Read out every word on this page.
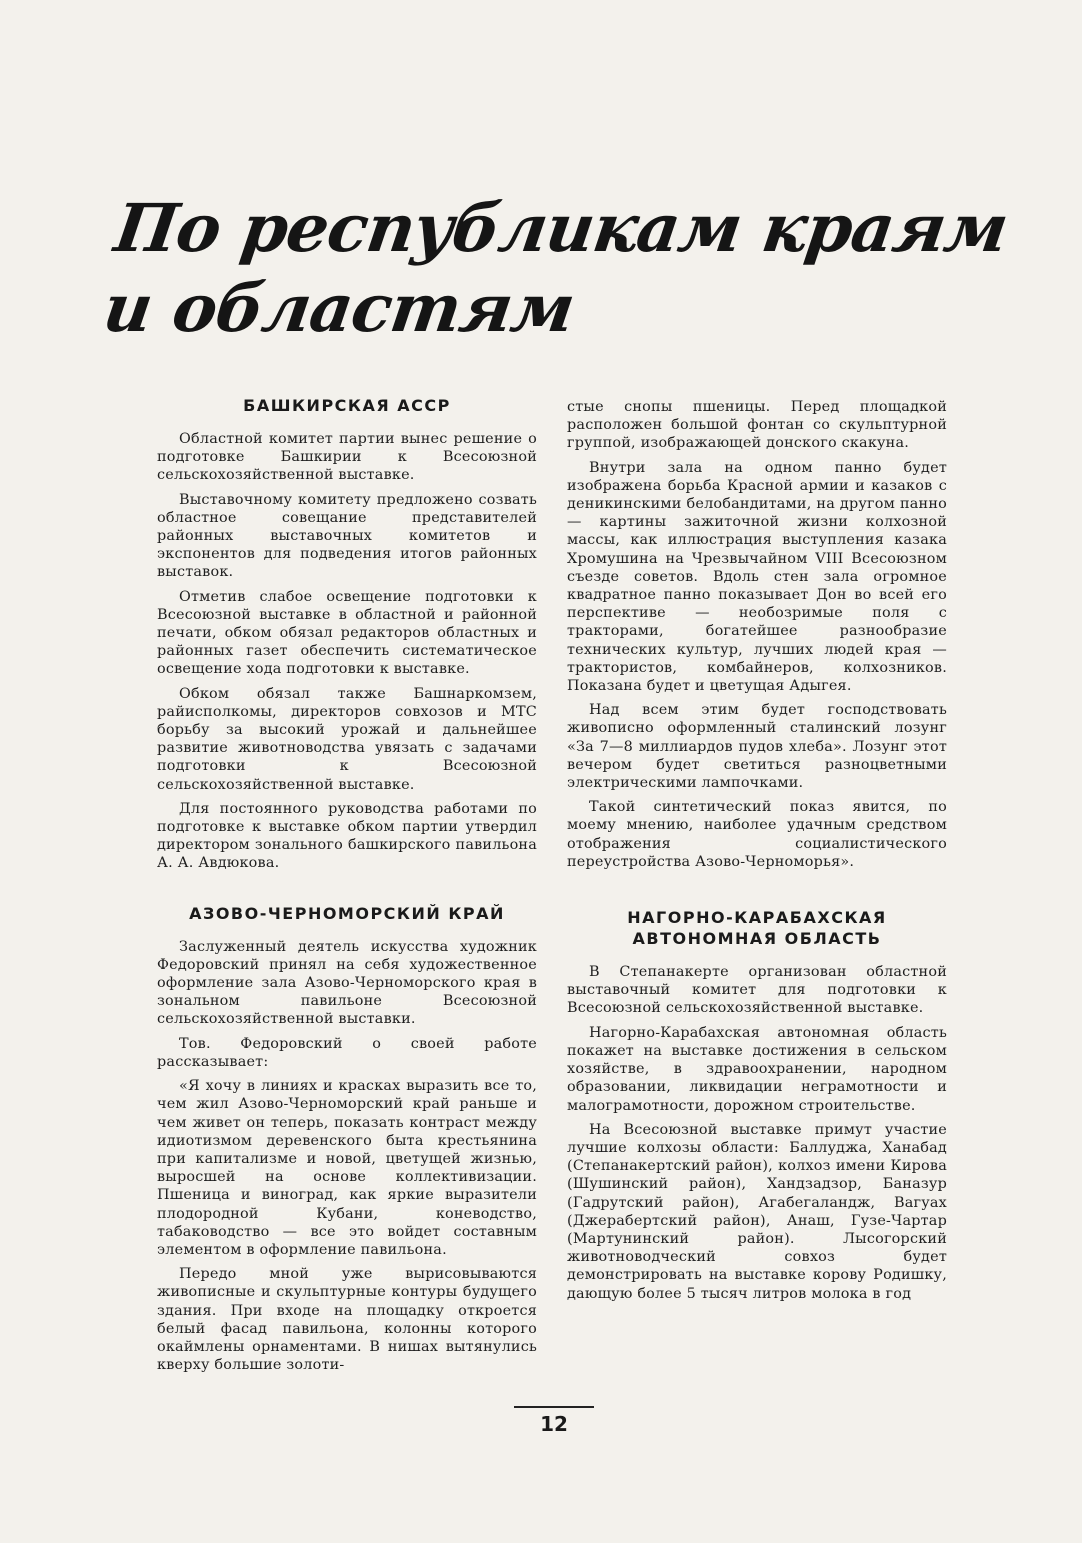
По республикам краям и областям
БАШКИРСКАЯ АССР

Областной комитет партии вынес решение о подготовке Башкирии к Всесоюзной сельскохозяйственной выставке.

Выставочному комитету предложено созвать областное совещание представителей районных выставочных комитетов и экспонентов для подведения итогов районных выставок.

Отметив слабое освещение подготовки к Всесоюзной выставке в областной и районной печати, обком обязал редакторов областных и районных газет обеспечить систематическое освещение хода подготовки к выставке.

Обком обязал также Башнаркомзем, райисполкомы, директоров совхозов и МТС борьбу за высокий урожай и дальнейшее развитие животноводства увязать с задачами подготовки к Всесоюзной сельскохозяйственной выставке.

Для постоянного руководства работами по подготовке к выставке обком партии утвердил директором зонального башкирского павильона А. А. Авдюкова.

АЗОВО-ЧЕРНОМОРСКИЙ КРАЙ

Заслуженный деятель искусства художник Федоровский принял на себя художественное оформление зала Азово-Черноморского края в зональном павильоне Всесоюзной сельскохозяйственной выставки.

Тов. Федоровский о своей работе рассказывает:

«Я хочу в линиях и красках выразить все то, чем жил Азово-Черноморский край раньше и чем живет он теперь, показать контраст между идиотизмом деревенского быта крестьянина при капитализме и новой, цветущей жизнью, выросшей на основе коллективизации. Пшеница и виноград, как яркие выразители плодородной Кубани, коневодство, табаководство — все это войдет составным элементом в оформление павильона.

Передо мной уже вырисовываются живописные и скульптурные контуры будущего здания. При входе на площадку откроется белый фасад павильона, колонны которого окаймлены орнаментами. В нишах вытянулись кверху большие золоти-

стые снопы пшеницы. Перед площадкой расположен большой фонтан со скульптурной группой, изображающей донского скакуна.

Внутри зала на одном панно будет изображена борьба Красной армии и казаков с деникинскими белобандитами, на другом панно — картины зажиточной жизни колхозной массы, как иллюстрация выступления казака Хромушина на Чрезвычайном VIII Всесоюзном съезде советов. Вдоль стен зала огромное квадратное панно показывает Дон во всей его перспективе — необозримые поля с тракторами, богатейшее разнообразие технических культур, лучших людей края — трактористов, комбайнеров, колхозников. Показана будет и цветущая Адыгея.

Над всем этим будет господствовать живописно оформленный сталинский лозунг «За 7—8 миллиардов пудов хлеба». Лозунг этот вечером будет светиться разноцветными электрическими лампочками.

Такой синтетический показ явится, по моему мнению, наиболее удачным средством отображения социалистического переустройства Азово-Черноморья».

НАГОРНО-КАРАБАХСКАЯ АВТОНОМНАЯ ОБЛАСТЬ

В Степанакерте организован областной выставочный комитет для подготовки к Всесоюзной сельскохозяйственной выставке.

Нагорно-Карабахская автономная область покажет на выставке достижения в сельском хозяйстве, в здравоохранении, народном образовании, ликвидации неграмотности и малограмотности, дорожном строительстве.

На Всесоюзной выставке примут участие лучшие колхозы области: Баллуджа, Ханабад (Степанакертский район), колхоз имени Кирова (Шушинский район), Хандзадзор, Баназур (Гадрутский район), Агабегаландж, Вагуах (Джерабертский район), Анаш, Гузе-Чартар (Мартунинский район). Лысогорский животноводческий совхоз будет демонстрировать на выставке корову Родишку, дающую более 5 тысяч литров молока в год

12
